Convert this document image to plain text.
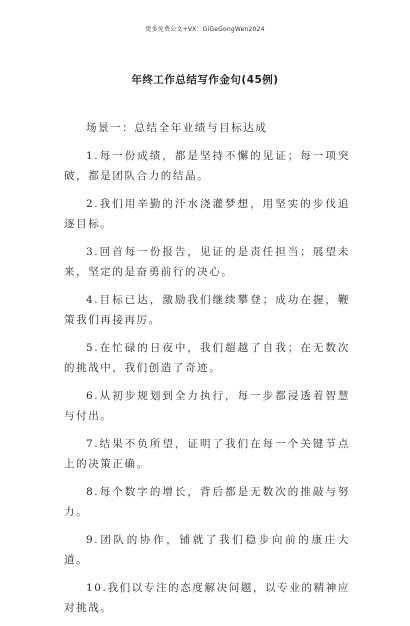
更多免费公文+VX：GiGeGongWen2024
年终工作总结写作金句(45例)

场景一：总结全年业绩与目标达成

1.每一份成绩，都是坚持不懈的见证；每一项突破，都是团队合力的结晶。

2.我们用辛勤的汗水浇灌梦想，用坚实的步伐追逐目标。

3.回首每一份报告，见证的是责任担当；展望未来，坚定的是奋勇前行的决心。

4.目标已达，激励我们继续攀登；成功在握，鞭策我们再接再厉。

5.在忙碌的日夜中，我们超越了自我；在无数次的挑战中，我们创造了奇迹。

6.从初步规划到全力执行，每一步都浸透着智慧与付出。

7.结果不负所望，证明了我们在每一个关键节点上的决策正确。

8.每个数字的增长，背后都是无数次的推敲与努力。

9.团队的协作，铺就了我们稳步向前的康庄大道。

10.我们以专注的态度解决问题，以专业的精神应对挑战。
